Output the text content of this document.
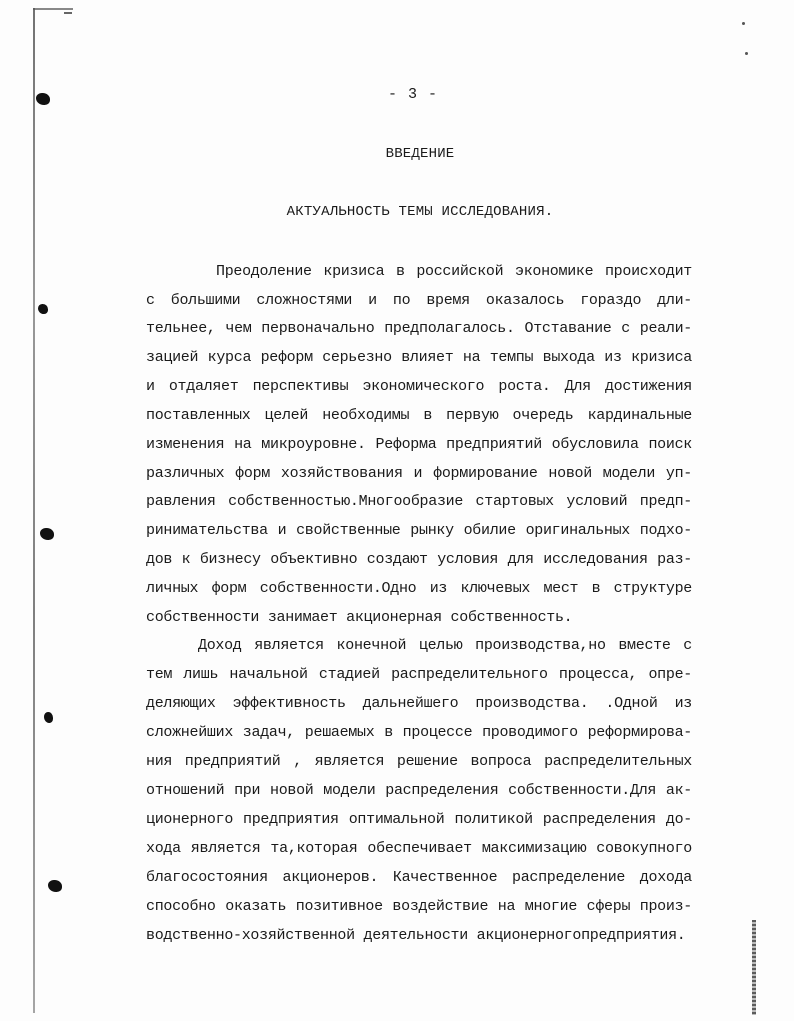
- 3 -
ВВЕДЕНИЕ
АКТУАЛЬНОСТЬ ТЕМЫ ИССЛЕДОВАНИЯ.
Преодоление кризиса в российской экономике происходит
с большими сложностями и по время оказалось гораздо дли-
тельнее, чем первоначально предполагалось. Отставание с реали-
зацией курса реформ серьезно влияет на темпы выхода из кризиса
и отдаляет перспективы экономического роста. Для достижения
поставленных целей необходимы в первую очередь кардинальные
изменения на микроуровне. Реформа предприятий обусловила поиск
различных форм хозяйствования и формирование новой модели уп-
равления собственностью.Многообразие стартовых условий предп-
ринимательства и свойственные рынку обилие оригинальных подхо-
дов к бизнесу объективно создают условия для исследования раз-
личных форм собственности.Одно из ключевых мест в структуре
собственности занимает акционерная собственность.
Доход является конечной целью производства,но вместе с
тем лишь начальной стадией распределительного процесса, опре-
деляющих эффективность дальнейшего производства. .Одной из
сложнейших задач, решаемых в процессе проводимого реформирова-
ния предприятий , является решение вопроса распределительных
отношений при новой модели распределения собственности.Для ак-
ционерного предприятия оптимальной политикой распределения до-
хода является та,которая обеспечивает максимизацию совокупного
благосостояния акционеров. Качественное распределение дохода
способно оказать позитивное воздействие на многие сферы произ-
водственно-хозяйственной деятельности акционерногопредприятия.
